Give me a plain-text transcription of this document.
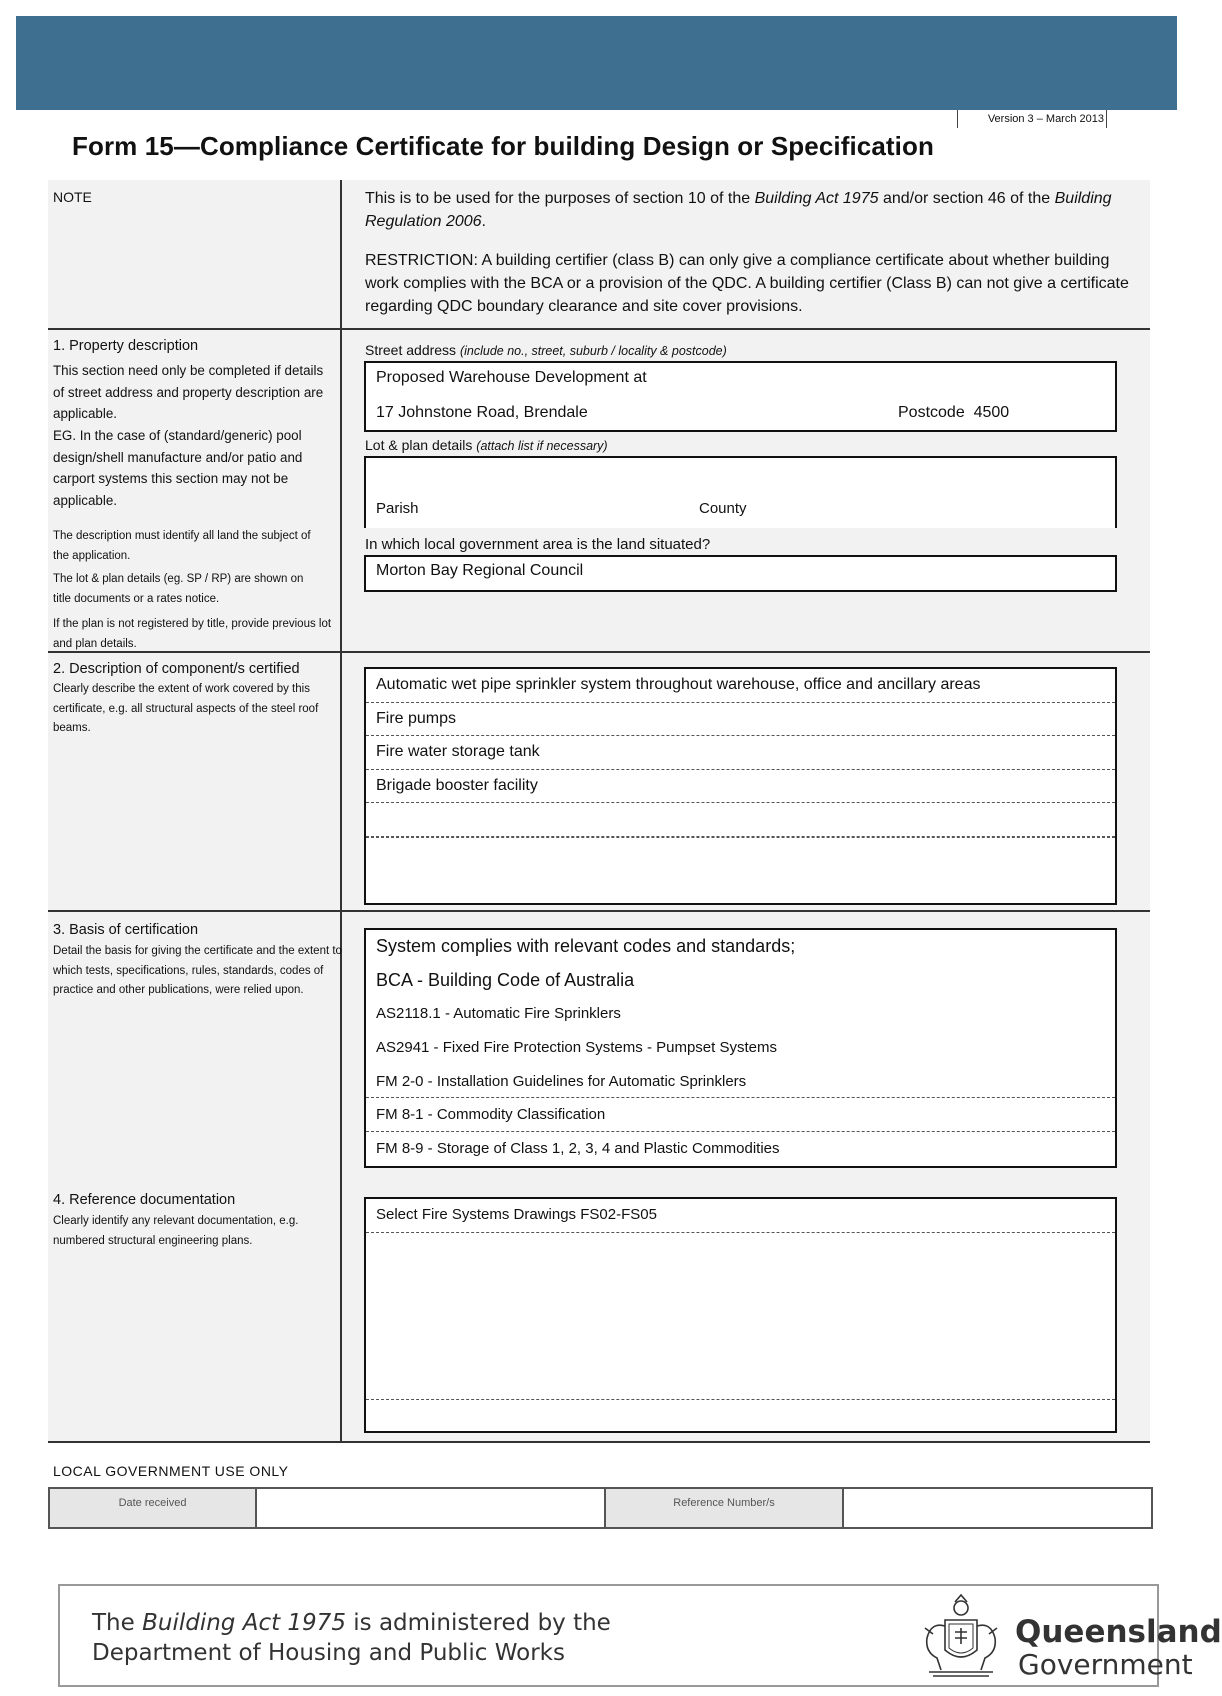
Version 3 – March 2013
Form 15—Compliance Certificate for building Design or Specification
NOTE	This is to be used for the purposes of section 10 of the Building Act 1975 and/or section 46 of the Building Regulation 2006.
RESTRICTION: A building certifier (class B) can only give a compliance certificate about whether building work complies with the BCA or a provision of the QDC. A building certifier (Class B) can not give a certificate regarding QDC boundary clearance and site cover provisions.
1. Property description
This section need only be completed if details of street address and property description are applicable.
EG. In the case of (standard/generic) pool design/shell manufacture and/or patio and carport systems this section may not be applicable.
The description must identify all land the subject of the application.
The lot & plan details (eg. SP / RP) are shown on title documents or a rates notice.
If the plan is not registered by title, provide previous lot and plan details.
Street address (include no., street, suburb / locality & postcode)
Proposed Warehouse Development at
17 Johnstone Road, Brendale	Postcode 4500
Lot & plan details (attach list if necessary)
Parish	County
In which local government area is the land situated?
Morton Bay Regional Council
2. Description of component/s certified
Clearly describe the extent of work covered by this certificate, e.g. all structural aspects of the steel roof beams.
Automatic wet pipe sprinkler system throughout warehouse, office and ancillary areas
Fire pumps
Fire water storage tank
Brigade booster facility
3. Basis of certification
Detail the basis for giving the certificate and the extent to which tests, specifications, rules, standards, codes of practice and other publications, were relied upon.
System complies with relevant codes and standards;
BCA - Building Code of Australia
AS2118.1 - Automatic Fire Sprinklers
AS2941 - Fixed Fire Protection Systems - Pumpset Systems
FM 2-0 - Installation Guidelines for Automatic Sprinklers
FM 8-1 - Commodity Classification
FM 8-9 - Storage of Class 1, 2, 3, 4 and Plastic Commodities
4. Reference documentation
Clearly identify any relevant documentation, e.g. numbered structural engineering plans.
Select Fire Systems Drawings FS02-FS05
LOCAL GOVERNMENT USE ONLY
Date received	Reference Number/s
The Building Act 1975 is administered by the
Department of Housing and Public Works
Queensland
Government
